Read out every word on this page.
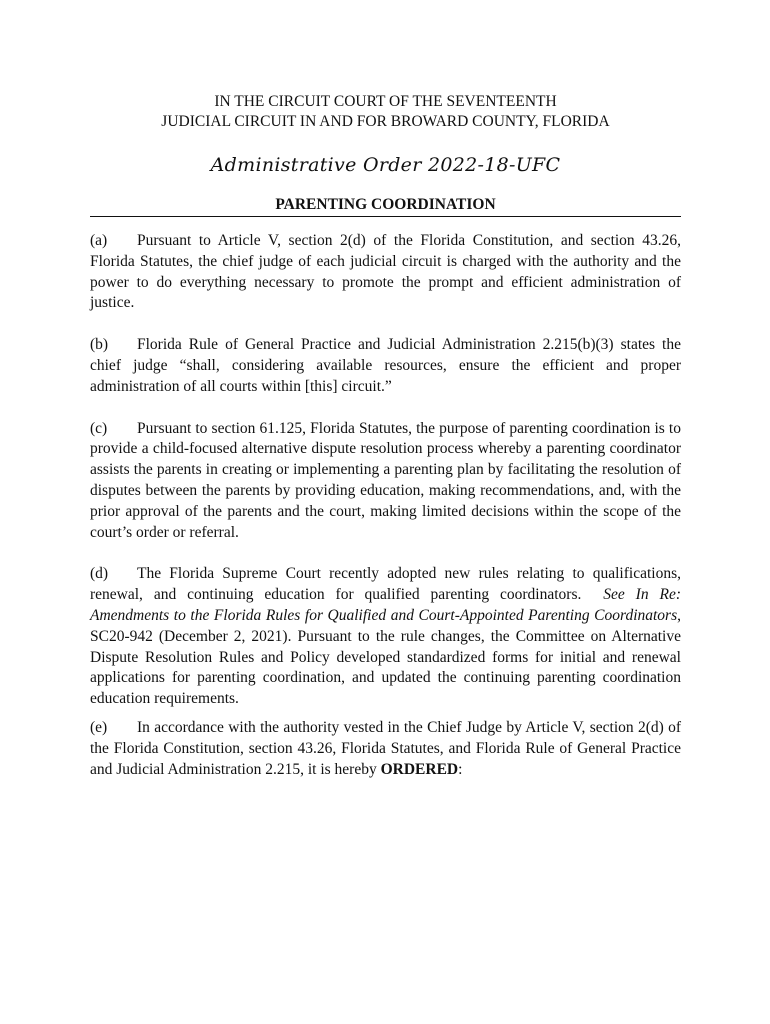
IN THE CIRCUIT COURT OF THE SEVENTEENTH
JUDICIAL CIRCUIT IN AND FOR BROWARD COUNTY, FLORIDA
Administrative Order 2022-18-UFC
PARENTING COORDINATION

(a) Pursuant to Article V, section 2(d) of the Florida Constitution, and section 43.26, Florida Statutes, the chief judge of each judicial circuit is charged with the authority and the power to do everything necessary to promote the prompt and efficient administration of justice.

(b) Florida Rule of General Practice and Judicial Administration 2.215(b)(3) states the chief judge “shall, considering available resources, ensure the efficient and proper administration of all courts within [this] circuit.”

(c) Pursuant to section 61.125, Florida Statutes, the purpose of parenting coordination is to provide a child-focused alternative dispute resolution process whereby a parenting coordinator assists the parents in creating or implementing a parenting plan by facilitating the resolution of disputes between the parents by providing education, making recommendations, and, with the prior approval of the parents and the court, making limited decisions within the scope of the court’s order or referral.

(d) The Florida Supreme Court recently adopted new rules relating to qualifications, renewal, and continuing education for qualified parenting coordinators. See In Re: Amendments to the Florida Rules for Qualified and Court-Appointed Parenting Coordinators, SC20-942 (December 2, 2021). Pursuant to the rule changes, the Committee on Alternative Dispute Resolution Rules and Policy developed standardized forms for initial and renewal applications for parenting coordination, and updated the continuing parenting coordination education requirements.

(e) In accordance with the authority vested in the Chief Judge by Article V, section 2(d) of the Florida Constitution, section 43.26, Florida Statutes, and Florida Rule of General Practice and Judicial Administration 2.215, it is hereby ORDERED:
